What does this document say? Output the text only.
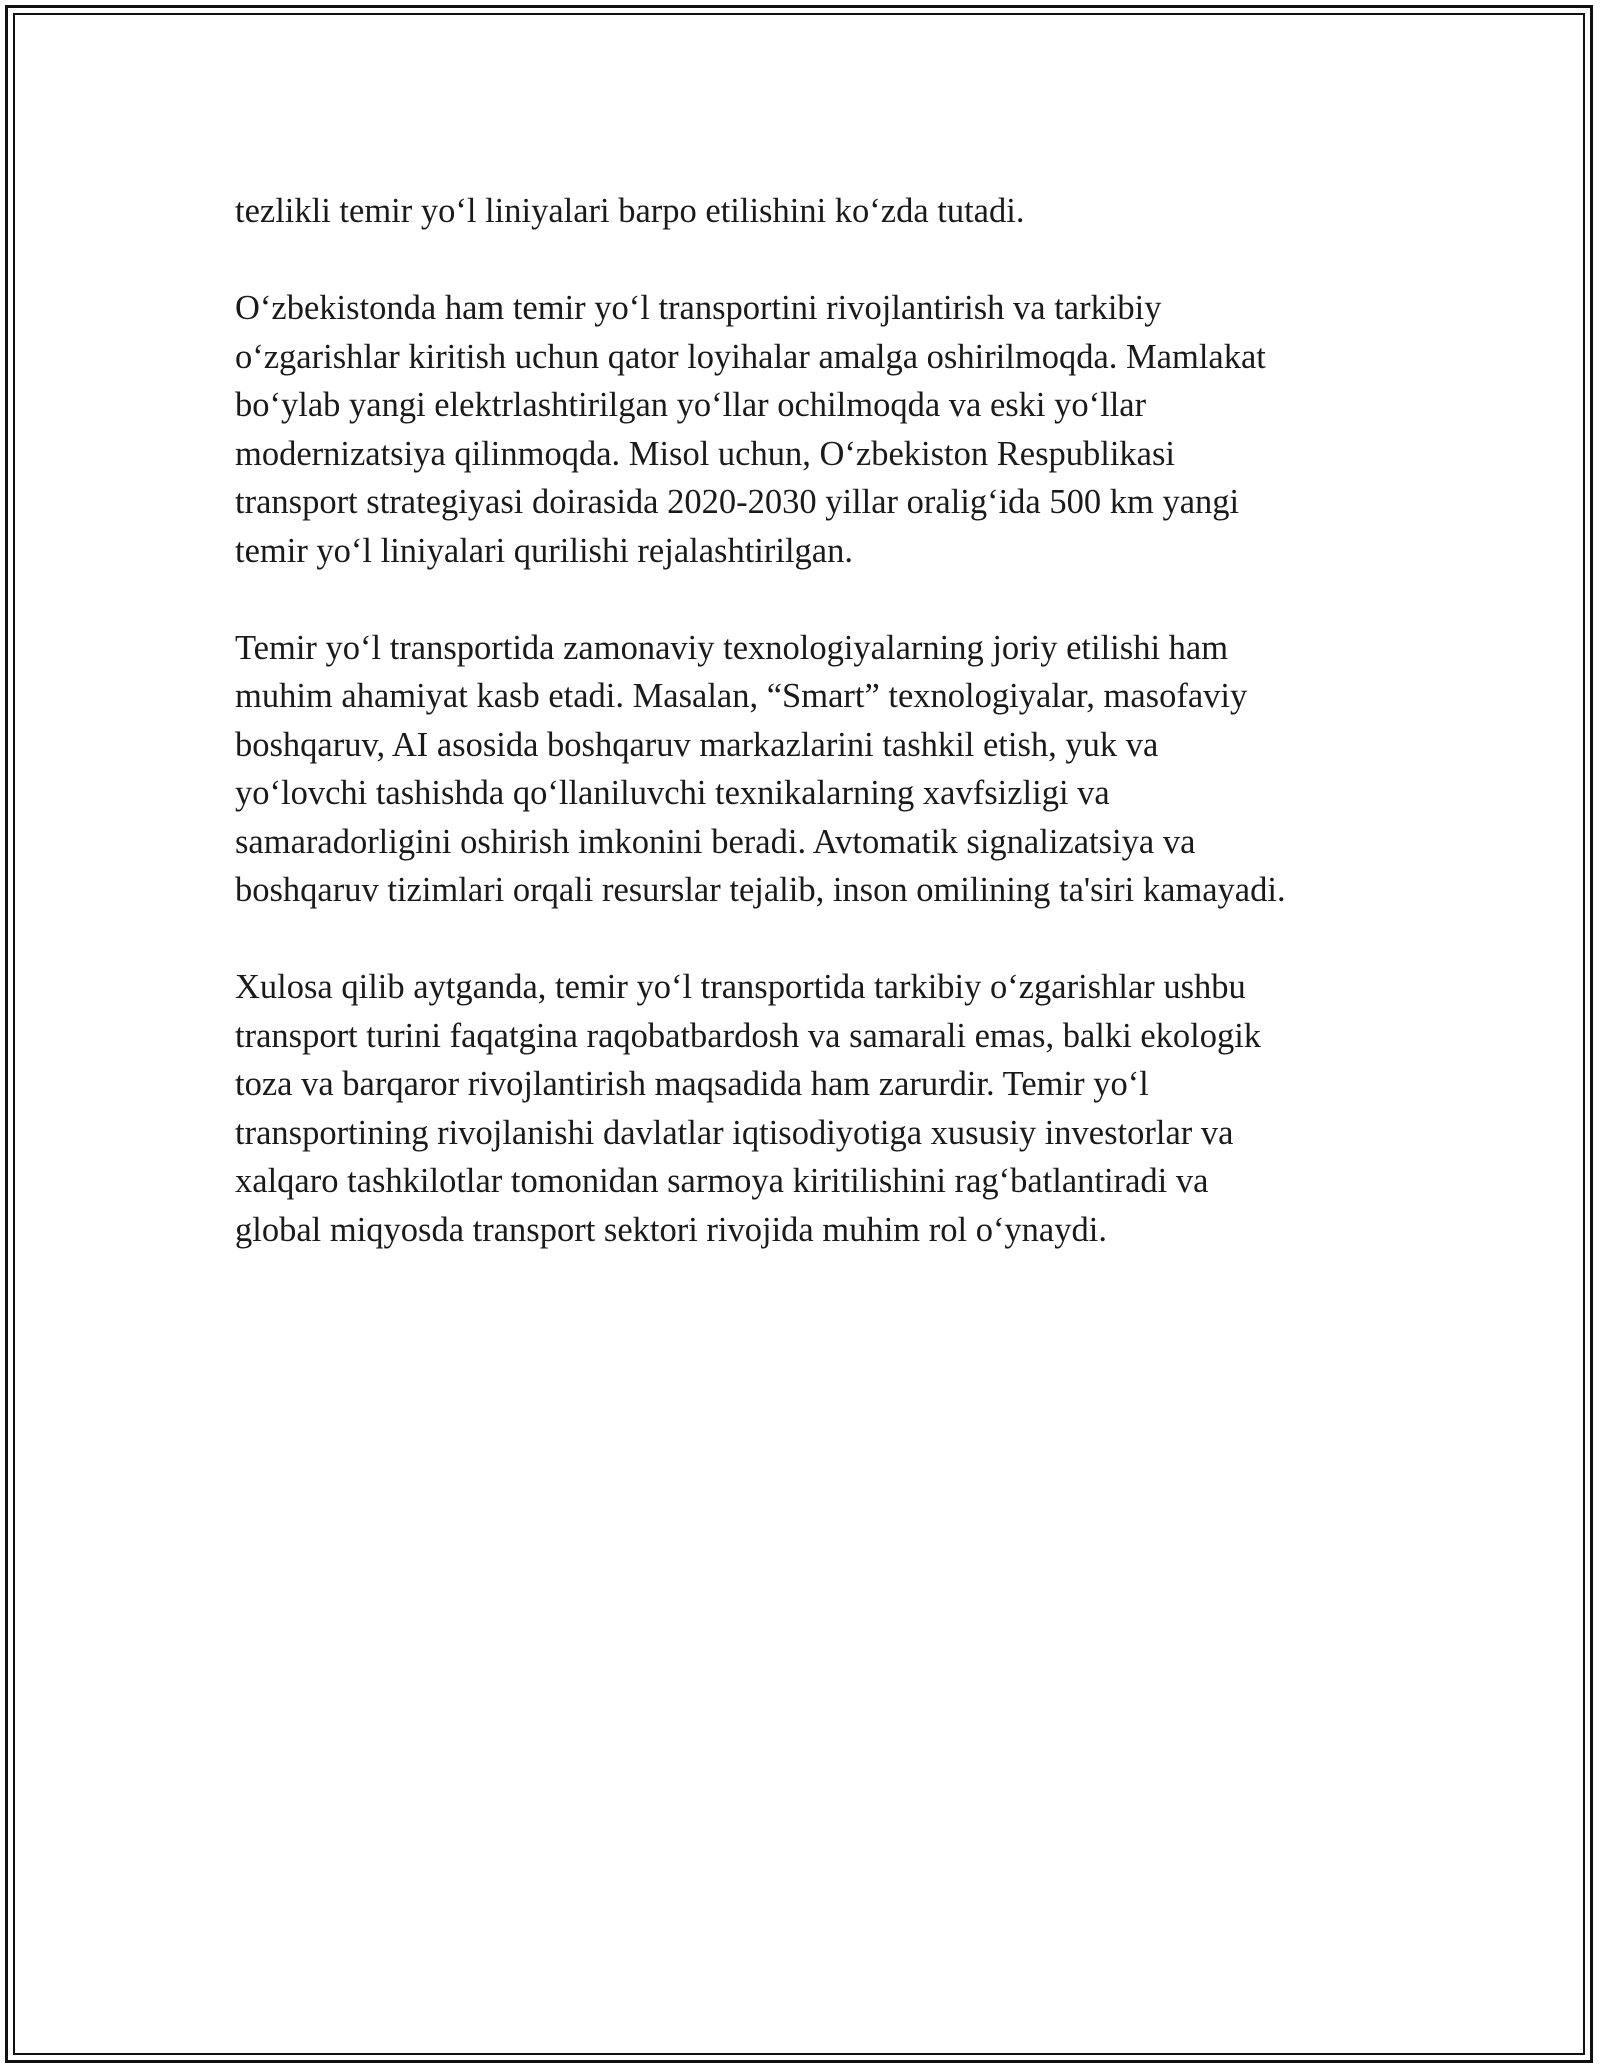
tezlikli temir yo‘l liniyalari barpo etilishini ko‘zda tutadi.

O‘zbekistonda ham temir yo‘l transportini rivojlantirish va tarkibiy
o‘zgarishlar kiritish uchun qator loyihalar amalga oshirilmoqda. Mamlakat
bo‘ylab yangi elektrlashtirilgan yo‘llar ochilmoqda va eski yo‘llar
modernizatsiya qilinmoqda. Misol uchun, O‘zbekiston Respublikasi
transport strategiyasi doirasida 2020-2030 yillar oralig‘ida 500 km yangi
temir yo‘l liniyalari qurilishi rejalashtirilgan.

Temir yo‘l transportida zamonaviy texnologiyalarning joriy etilishi ham
muhim ahamiyat kasb etadi. Masalan, “Smart” texnologiyalar, masofaviy
boshqaruv, AI asosida boshqaruv markazlarini tashkil etish, yuk va
yo‘lovchi tashishda qo‘llaniluvchi texnikalarning xavfsizligi va
samaradorligini oshirish imkonini beradi. Avtomatik signalizatsiya va
boshqaruv tizimlari orqali resurslar tejalib, inson omilining ta'siri kamayadi.

Xulosa qilib aytganda, temir yo‘l transportida tarkibiy o‘zgarishlar ushbu
transport turini faqatgina raqobatbardosh va samarali emas, balki ekologik
toza va barqaror rivojlantirish maqsadida ham zarurdir. Temir yo‘l
transportining rivojlanishi davlatlar iqtisodiyotiga xususiy investorlar va
xalqaro tashkilotlar tomonidan sarmoya kiritilishini rag‘batlantiradi va
global miqyosda transport sektori rivojida muhim rol o‘ynaydi.
